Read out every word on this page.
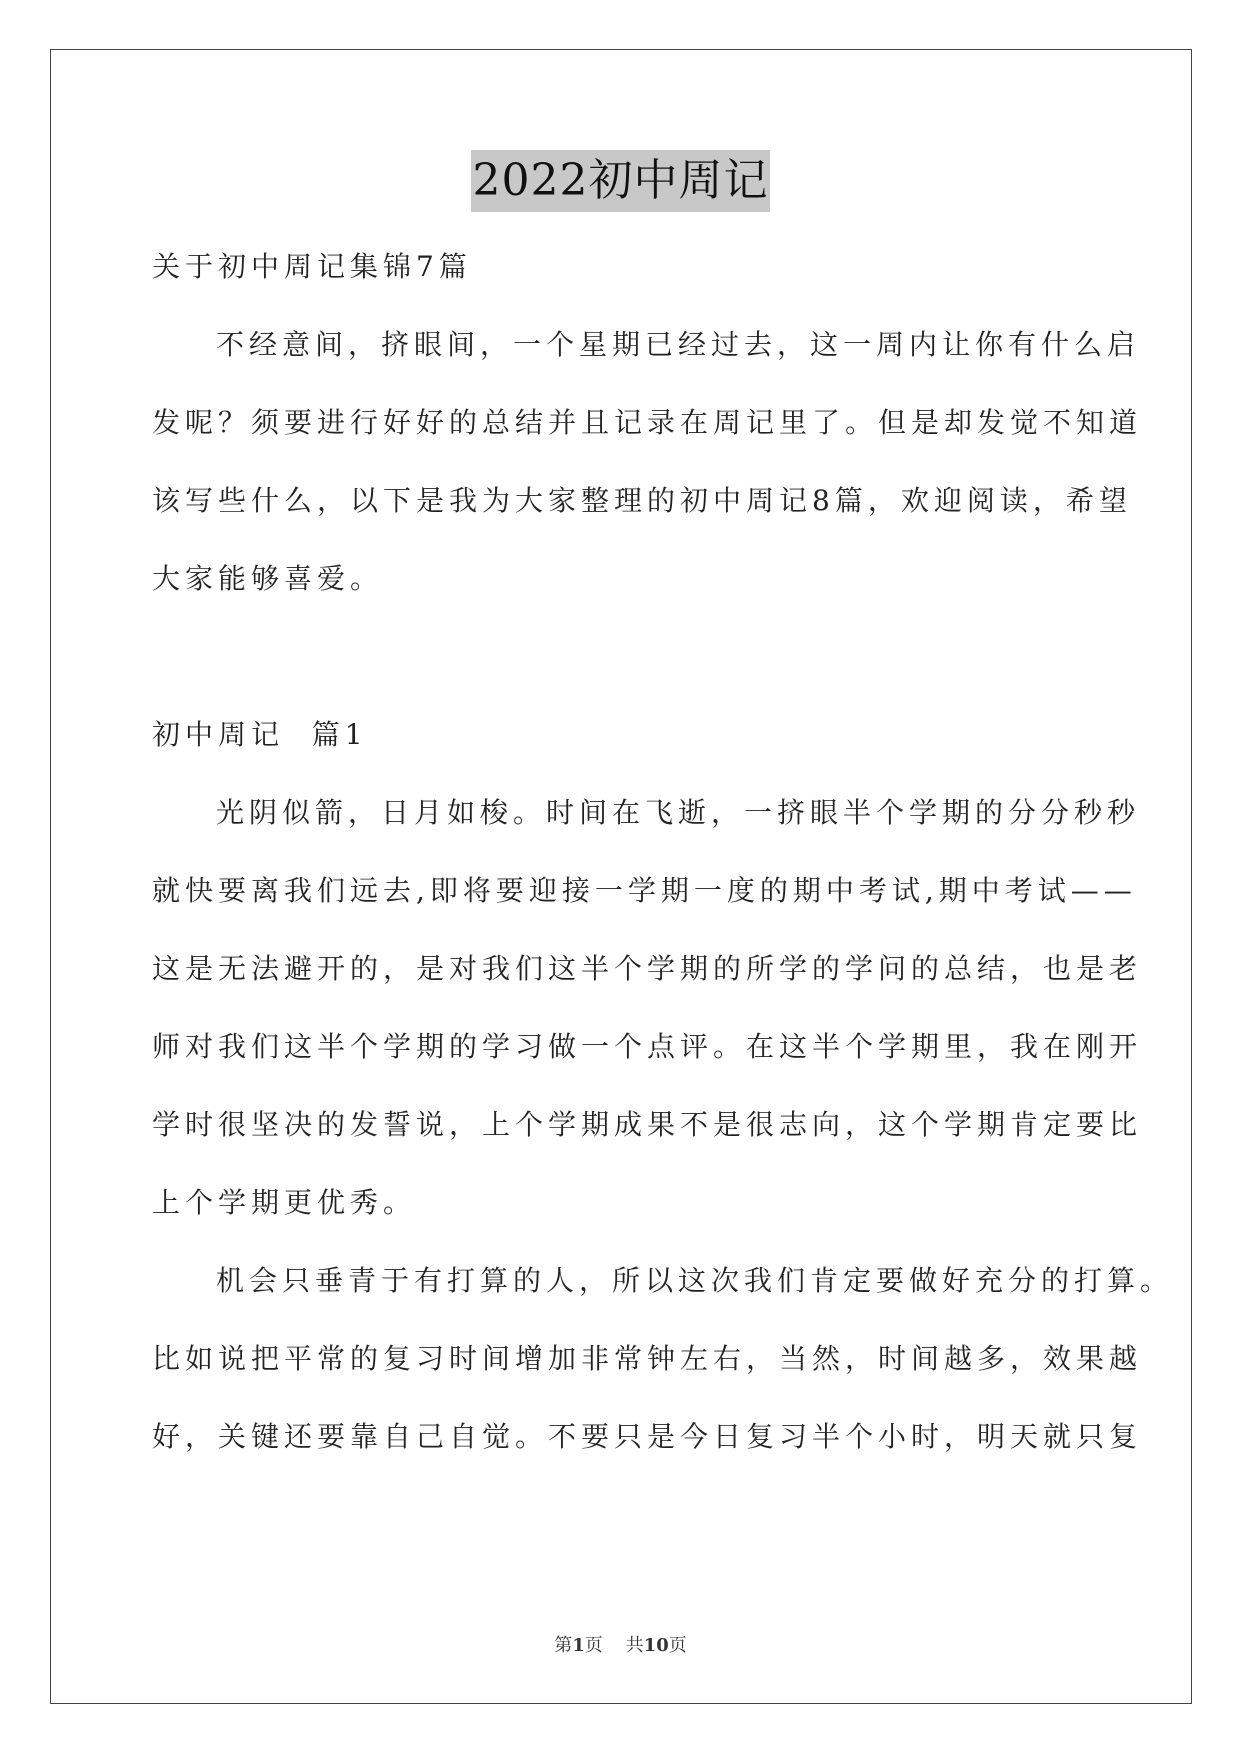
2022初中周记

关于初中周记集锦7篇

不经意间，挤眼间，一个星期已经过去，这一周内让你有什么启

发呢？须要进行好好的总结并且记录在周记里了。但是却发觉不知道

该写些什么，以下是我为大家整理的初中周记8篇，欢迎阅读，希望

大家能够喜爱。

初中周记  篇1

光阴似箭，日月如梭。时间在飞逝，一挤眼半个学期的分分秒秒

就快要离我们远去,即将要迎接一学期一度的期中考试,期中考试——

这是无法避开的，是对我们这半个学期的所学的学问的总结，也是老

师对我们这半个学期的学习做一个点评。在这半个学期里，我在刚开

学时很坚决的发誓说，上个学期成果不是很志向，这个学期肯定要比

上个学期更优秀。

机会只垂青于有打算的人，所以这次我们肯定要做好充分的打算。

比如说把平常的复习时间增加非常钟左右，当然，时间越多，效果越

好，关键还要靠自己自觉。不要只是今日复习半个小时，明天就只复

第1页    共10页
